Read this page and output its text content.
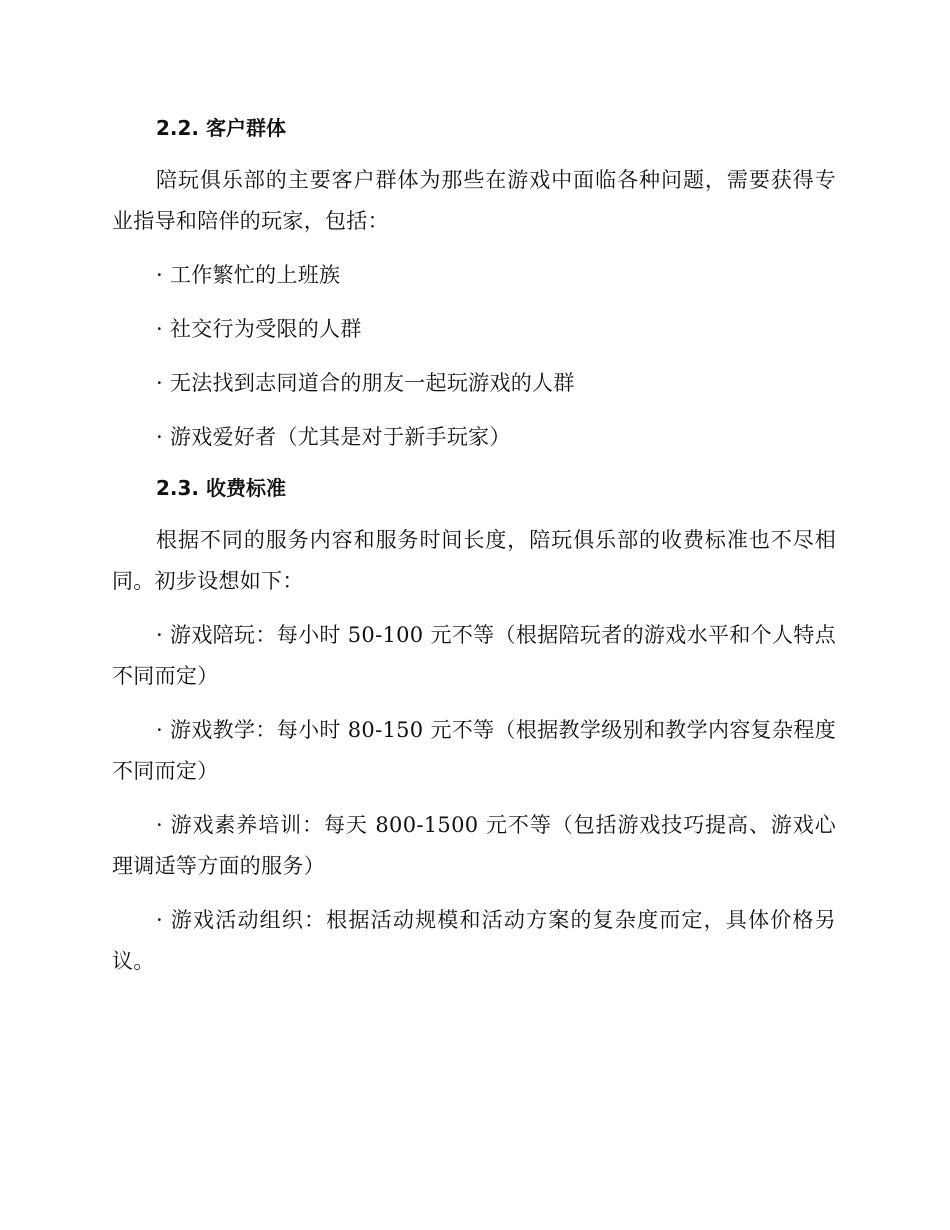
2.2. 客户群体

陪玩俱乐部的主要客户群体为那些在游戏中面临各种问题，需要获得专业指导和陪伴的玩家，包括：

· 工作繁忙的上班族

· 社交行为受限的人群

· 无法找到志同道合的朋友一起玩游戏的人群

· 游戏爱好者（尤其是对于新手玩家）

2.3. 收费标准

根据不同的服务内容和服务时间长度，陪玩俱乐部的收费标准也不尽相同。初步设想如下：

· 游戏陪玩：每小时 50-100 元不等（根据陪玩者的游戏水平和个人特点不同而定）

· 游戏教学：每小时 80-150 元不等（根据教学级别和教学内容复杂程度不同而定）

· 游戏素养培训：每天 800-1500 元不等（包括游戏技巧提高、游戏心理调适等方面的服务）

· 游戏活动组织：根据活动规模和活动方案的复杂度而定，具体价格另议。
